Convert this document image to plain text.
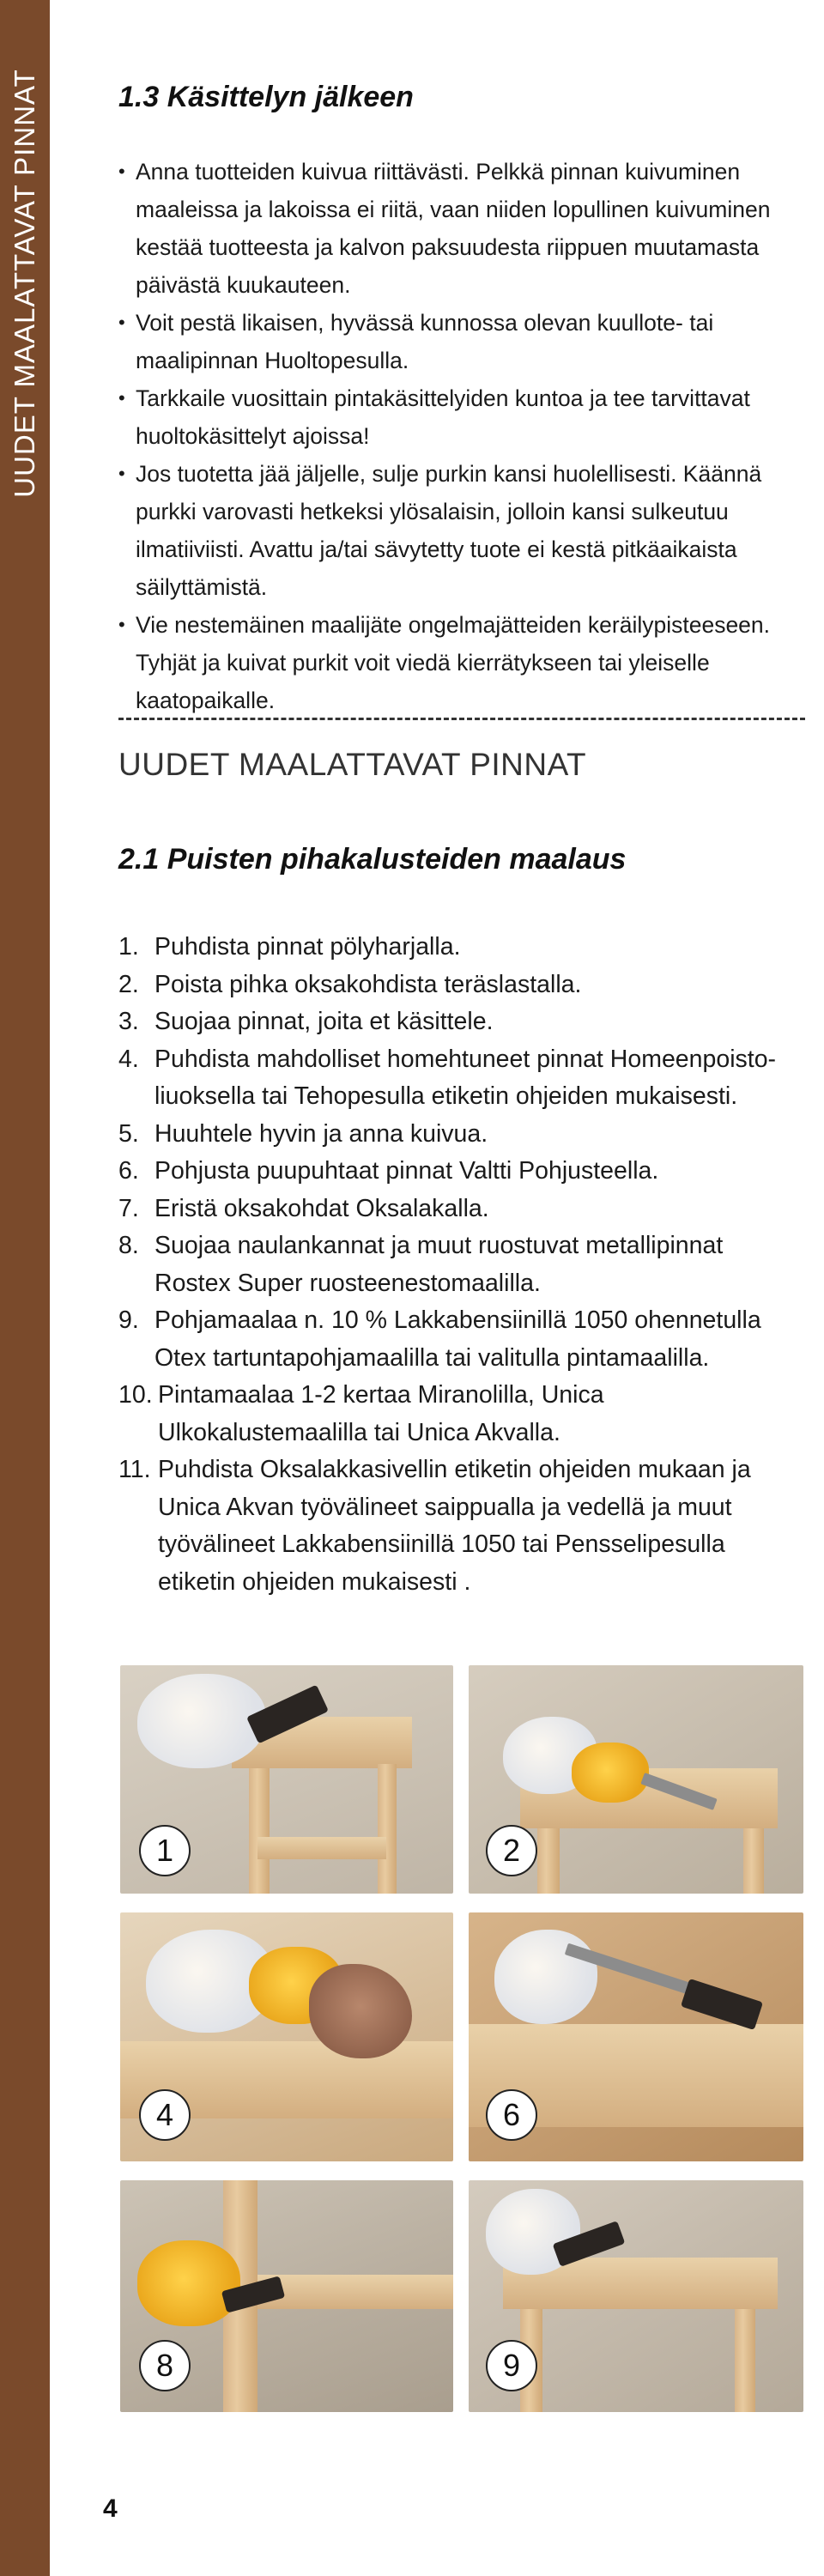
UUDET MAALATTAVAT PINNAT	1.3 Käsittelyn jälkeen
• Anna tuotteiden kuivua riittävästi. Pelkkä pinnan kuivuminen maaleissa ja lakoissa ei riitä, vaan niiden lopullinen kuivuminen kestää tuotteesta ja kalvon paksuudesta riippuen muutamasta päivästä kuukauteen.
• Voit pestä likaisen, hyvässä kunnossa olevan kuullote- tai maalipinnan Huoltopesulla.
• Tarkkaile vuosittain pintakäsittelyiden kuntoa ja tee tarvittavat huoltokäsittelyt ajoissa!
• Jos tuotetta jää jäljelle, sulje purkin kansi huolellisesti. Käännä purkki varovasti hetkeksi ylösalaisin, jolloin kansi sulkeutuu ilmatiiviisti. Avattu ja/tai sävytetty tuote ei kestä pitkäaikaista säilyttämistä.
• Vie nestemäinen maalijäte ongelmajätteiden keräilypisteeseen. Tyhjät ja kuivat purkit voit viedä kierrätykseen tai yleiselle kaatopaikalle.
UUDET MAALATTAVAT PINNAT
2.1 Puisten pihakalusteiden maalaus
1. Puhdista pinnat pölyharjalla.
2. Poista pihka oksakohdista teräslastalla.
3. Suojaa pinnat, joita et käsittele.
4. Puhdista mahdolliset homehtuneet pinnat Homeenpoisto-liuoksella tai Tehopesulla etiketin ohjeiden mukaisesti.
5. Huuhtele hyvin ja anna kuivua.
6. Pohjusta puupuhtaat pinnat Valtti Pohjusteella.
7. Eristä oksakohdat Oksalakalla.
8. Suojaa naulankannat ja muut ruostuvat metallipinnat Rostex Super ruosteenestomaalilla.
9. Pohjamaalaa n. 10 % Lakkabensiinillä 1050 ohennetulla Otex tartuntapohjamaalilla tai valitulla pintamaalilla.
10. Pintamaalaa 1-2 kertaa Miranolilla, Unica Ulkokalustemaalilla tai Unica Akvalla.
11. Puhdista Oksalakkasivellin etiketin ohjeiden mukaan ja Unica Akvan työvälineet saippualla ja vedellä ja muut työvälineet Lakkabensiinillä 1050 tai Pensselipesulla etiketin ohjeiden mukaisesti .
1	2
4	6
8	9
4
